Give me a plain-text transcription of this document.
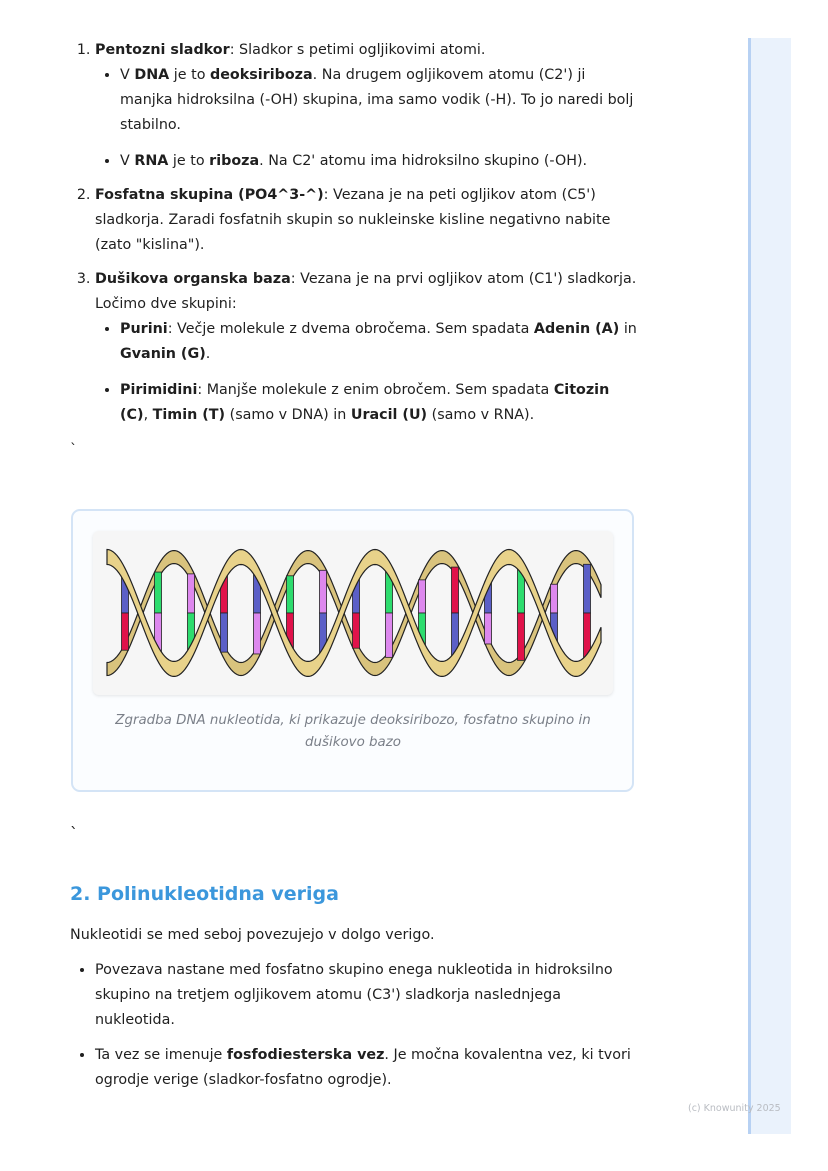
(c) Knowunity 2025
1. Pentozni sladkor: Sladkor s petimi ogljikovimi atomi.
• V DNA je to deoksiriboza. Na drugem ogljikovem atomu (C2') ji manjka hidroksilna (-OH) skupina, ima samo vodik (-H). To jo naredi bolj stabilno.
• V RNA je to riboza. Na C2' atomu ima hidroksilno skupino (-OH).
2. Fosfatna skupina (PO4^3-^): Vezana je na peti ogljikov atom (C5') sladkorja. Zaradi fosfatnih skupin so nukleinske kisline negativno nabite (zato "kislina").
3. Dušikova organska baza: Vezana je na prvi ogljikov atom (C1') sladkorja. Ločimo dve skupini:
• Purini: Večje molekule z dvema obročema. Sem spadata Adenin (A) in Gvanin (G).
• Pirimidini: Manjše molekule z enim obročem. Sem spadata Citozin (C), Timin (T) (samo v DNA) in Uracil (U) (samo v RNA).
`
Zgradba DNA nukleotida, ki prikazuje deoksiribozo, fosfatno skupino in dušikovo bazo
`
2. Polinukleotidna veriga

Nukleotidi se med seboj povezujejo v dolgo verigo.

• Povezava nastane med fosfatno skupino enega nukleotida in hidroksilno skupino na tretjem ogljikovem atomu (C3') sladkorja naslednjega nukleotida.
• Ta vez se imenuje fosfodiesterska vez. Je močna kovalentna vez, ki tvori ogrodje verige (sladkor-fosfatno ogrodje).
